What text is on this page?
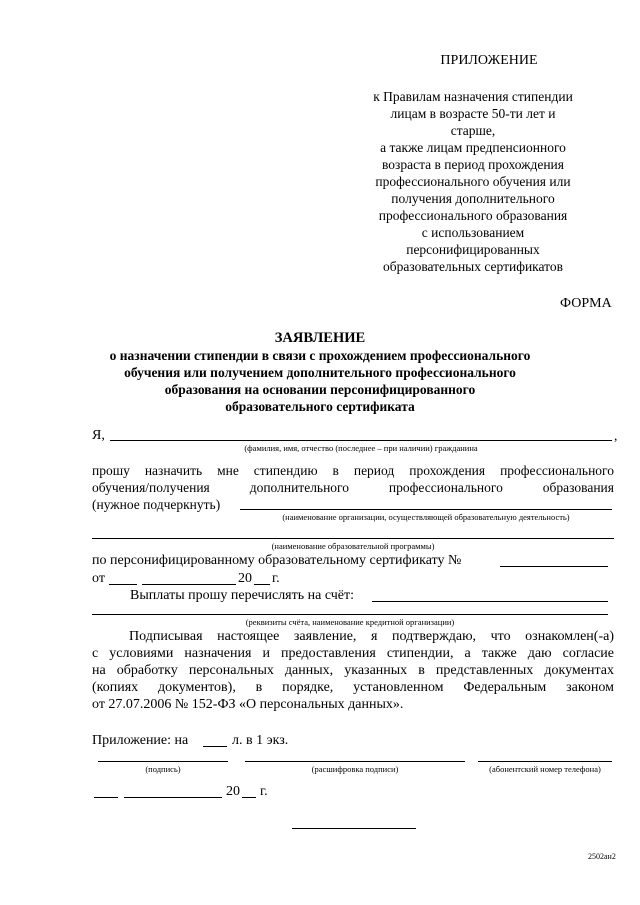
ПРИЛОЖЕНИЕ
к Правилам назначения стипендии
лицам в возрасте 50-ти лет и старше,
а также лицам предпенсионного
возраста в период прохождения
профессионального обучения или
получения дополнительного
профессионального образования
с использованием
персонифицированных
образовательных сертификатов
ФОРМА
ЗАЯВЛЕНИЕ
о назначении стипендии в связи с прохождением профессионального
обучения или получением дополнительного профессионального
образования на основании персонифицированного
образовательного сертификата
Я,	,
(фамилия, имя, отчество (последнее – при наличии) гражданина
прошу назначить мне стипендию в период прохождения профессионального
обучения/получения дополнительного профессионального образования
(нужное подчеркнуть)
(наименование организации, осуществляющей образовательную деятельность)
(наименование образовательной программы)
по персонифицированному образовательному сертификату №
от	20 г.
Выплаты прошу перечислять на счёт:
(реквизиты счёта, наименование кредитной организации)
Подписывая настоящее заявление, я подтверждаю, что ознакомлен(-а)
с условиями назначения и предоставления стипендии, а также даю согласие
на обработку персональных данных, указанных в представленных документах
(копиях документов), в порядке, установленном Федеральным законом
от 27.07.2006 № 152-ФЗ «О персональных данных».
Приложение: на	л. в 1 экз.
(подпись)	(расшифровка подписи)	(абонентский номер телефона)
20 г.
2502ан2
